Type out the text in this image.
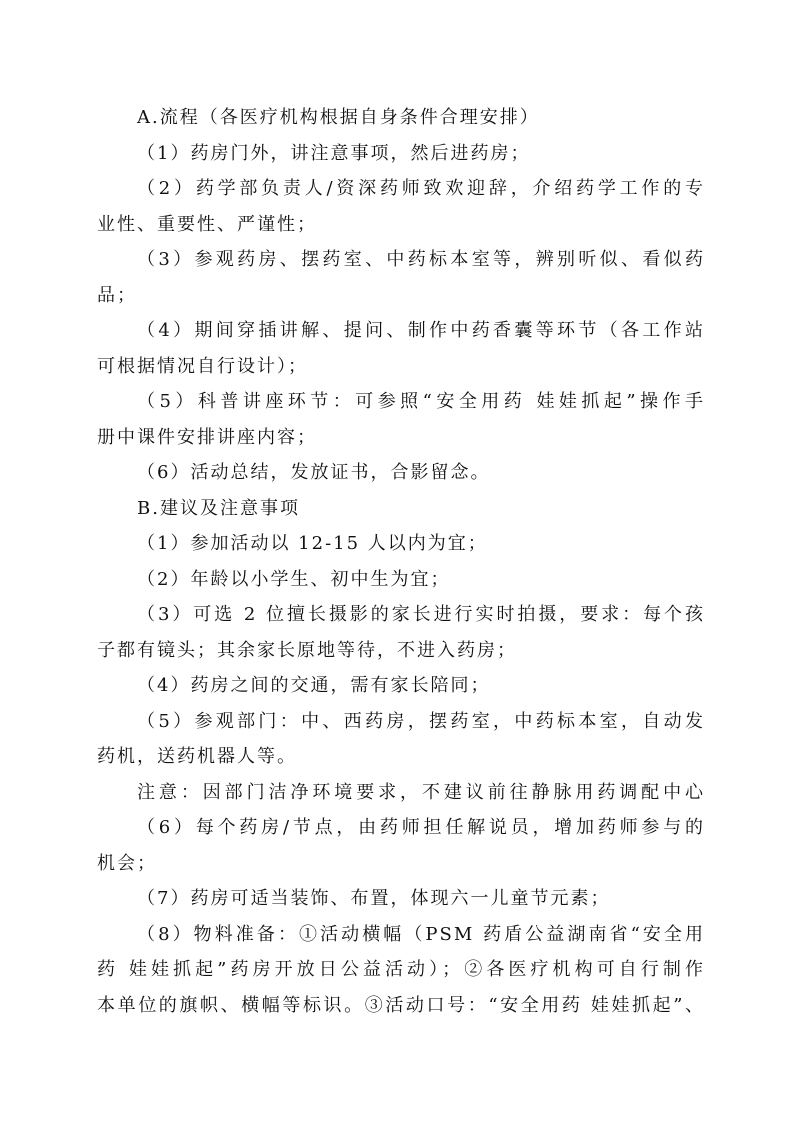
A.流程（各医疗机构根据自身条件合理安排）
（1）药房门外，讲注意事项，然后进药房；
（2）药学部负责人/资深药师致欢迎辞，介绍药学工作的专
业性、重要性、严谨性；
（3）参观药房、摆药室、中药标本室等，辨别听似、看似药
品；
（4）期间穿插讲解、提问、制作中药香囊等环节（各工作站
可根据情况自行设计）；
（5）科普讲座环节：可参照“安全用药 娃娃抓起”操作手
册中课件安排讲座内容；
（6）活动总结，发放证书，合影留念。
B.建议及注意事项
（1）参加活动以 12-15 人以内为宜；
（2）年龄以小学生、初中生为宜；
（3）可选 2 位擅长摄影的家长进行实时拍摄，要求：每个孩
子都有镜头；其余家长原地等待，不进入药房；
（4）药房之间的交通，需有家长陪同；
（5）参观部门：中、西药房，摆药室，中药标本室，自动发
药机，送药机器人等。
注意：因部门洁净环境要求，不建议前往静脉用药调配中心
（6）每个药房/节点，由药师担任解说员，增加药师参与的
机会；
（7）药房可适当装饰、布置，体现六一儿童节元素；
（8）物料准备：①活动横幅（PSM 药盾公益湖南省“安全用
药 娃娃抓起”药房开放日公益活动）；②各医疗机构可自行制作
本单位的旗帜、横幅等标识。③活动口号：“安全用药 娃娃抓起”、
